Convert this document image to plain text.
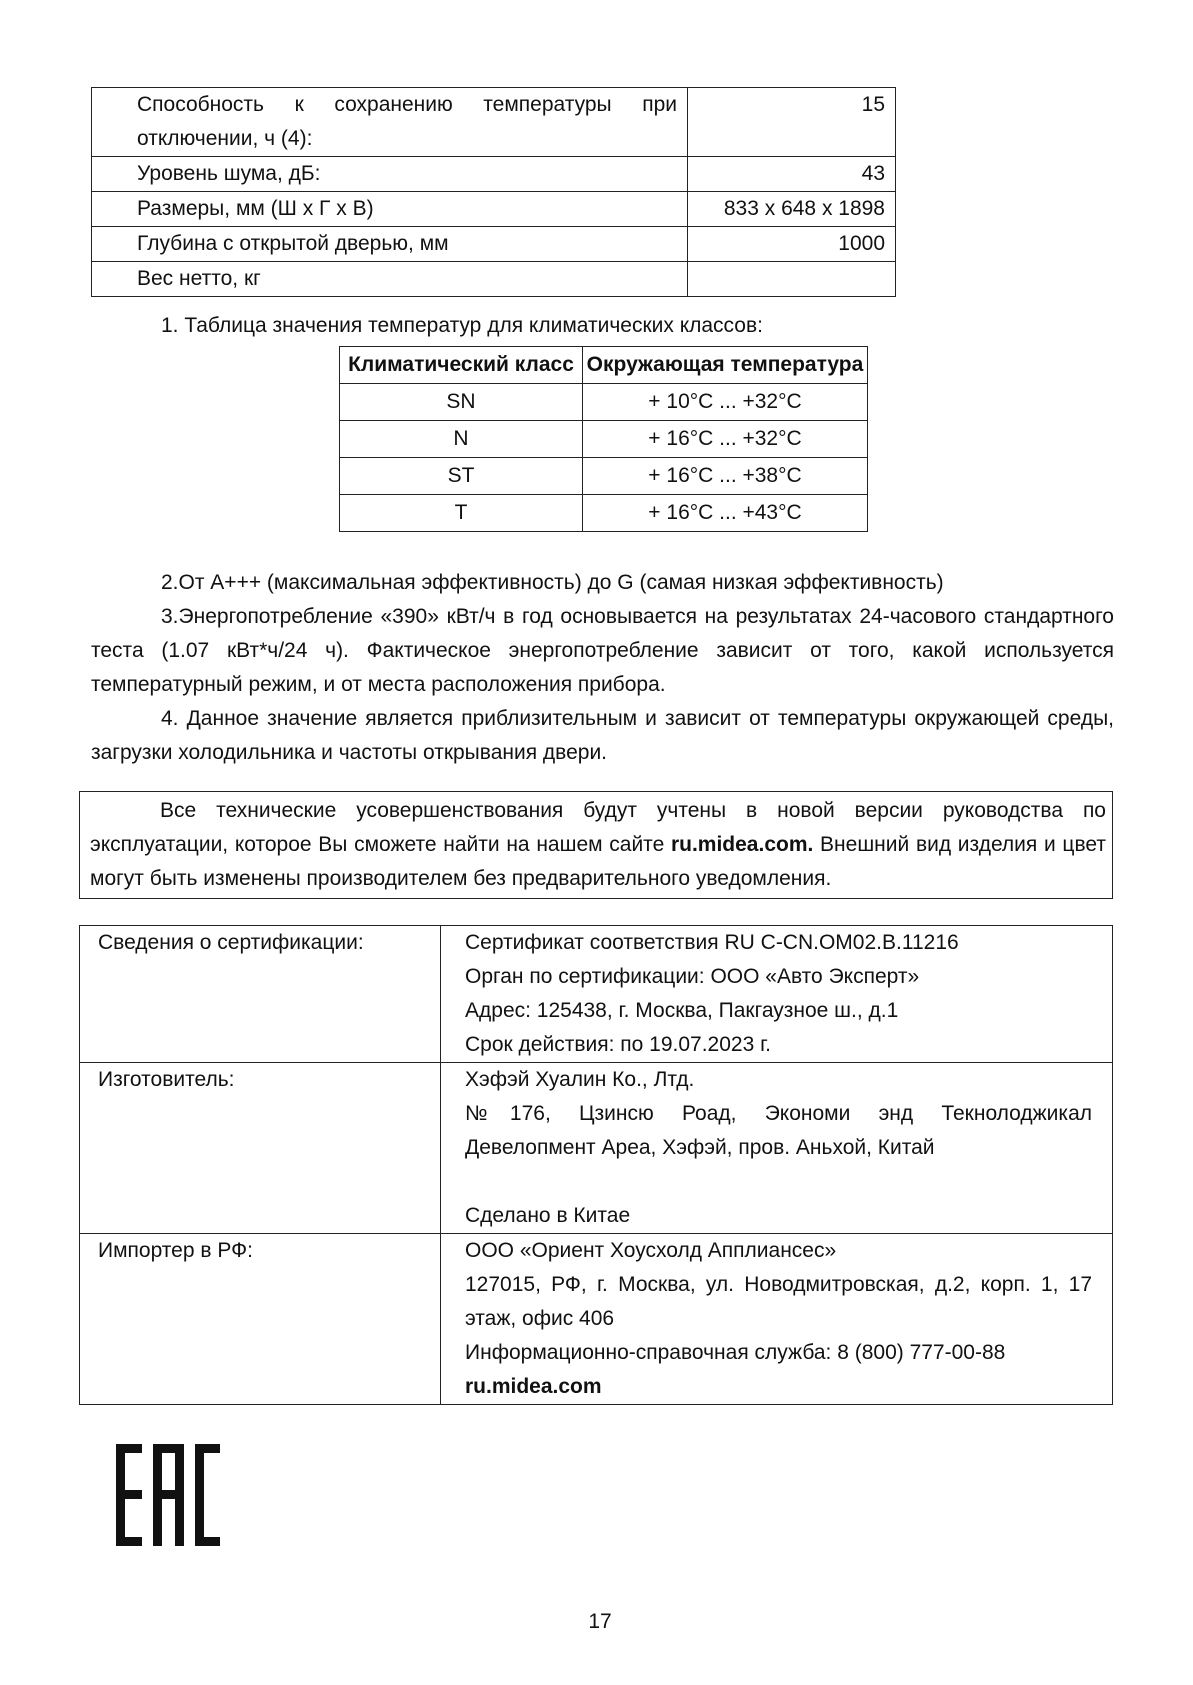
Способность к сохранению температуры при отключении, ч (4):	15
Уровень шума, дБ:	43
Размеры, мм (Ш х Г х В)	833 х 648 х 1898
Глубина с открытой дверью, мм	1000
Вес нетто, кг	
1. Таблица значения температур для климатических классов:
Климатический класс	Окружающая температура
SN	+ 10°C ... +32°C
N	+ 16°C ... +32°C
ST	+ 16°C ... +38°C
T	+ 16°C ... +43°C
2.От А+++ (максимальная эффективность) до G (самая низкая эффективность)
3.Энергопотребление «390» кВт/ч в год основывается на результатах 24-часового стандартного теста (1.07 кВт*ч/24 ч). Фактическое энергопотребление зависит от того, какой используется температурный режим, и от места расположения прибора.
4. Данное значение является приблизительным и зависит от температуры окружающей среды, загрузки холодильника и частоты открывания двери.
Все технические усовершенствования будут учтены в новой версии руководства по эксплуатации, которое Вы сможете найти на нашем сайте ru.midea.com. Внешний вид изделия и цвет могут быть изменены производителем без предварительного уведомления.
Сведения о сертификации:	Сертификат соответствия RU C-CN.OM02.B.11216
Орган по сертификации: ООО «Авто Эксперт»
Адрес: 125438, г. Москва, Пакгаузное ш., д.1
Срок действия: по 19.07.2023 г.

Изготовитель:	Хэфэй Хуалин Ко., Лтд.
№176, Цзинсю Роад, Экономи энд Текнолоджикал Девелопмент Ареа, Хэфэй, пров. Аньхой, Китай
Сделано в Китае

Импортер в РФ:	ООО «Ориент Хоусхолд Апплиансес»
127015, РФ, г. Москва, ул. Новодмитровская, д.2, корп. 1, 17 этаж, офис 406
Информационно-справочная служба: 8 (800) 777-00-88
ru.midea.com
17
